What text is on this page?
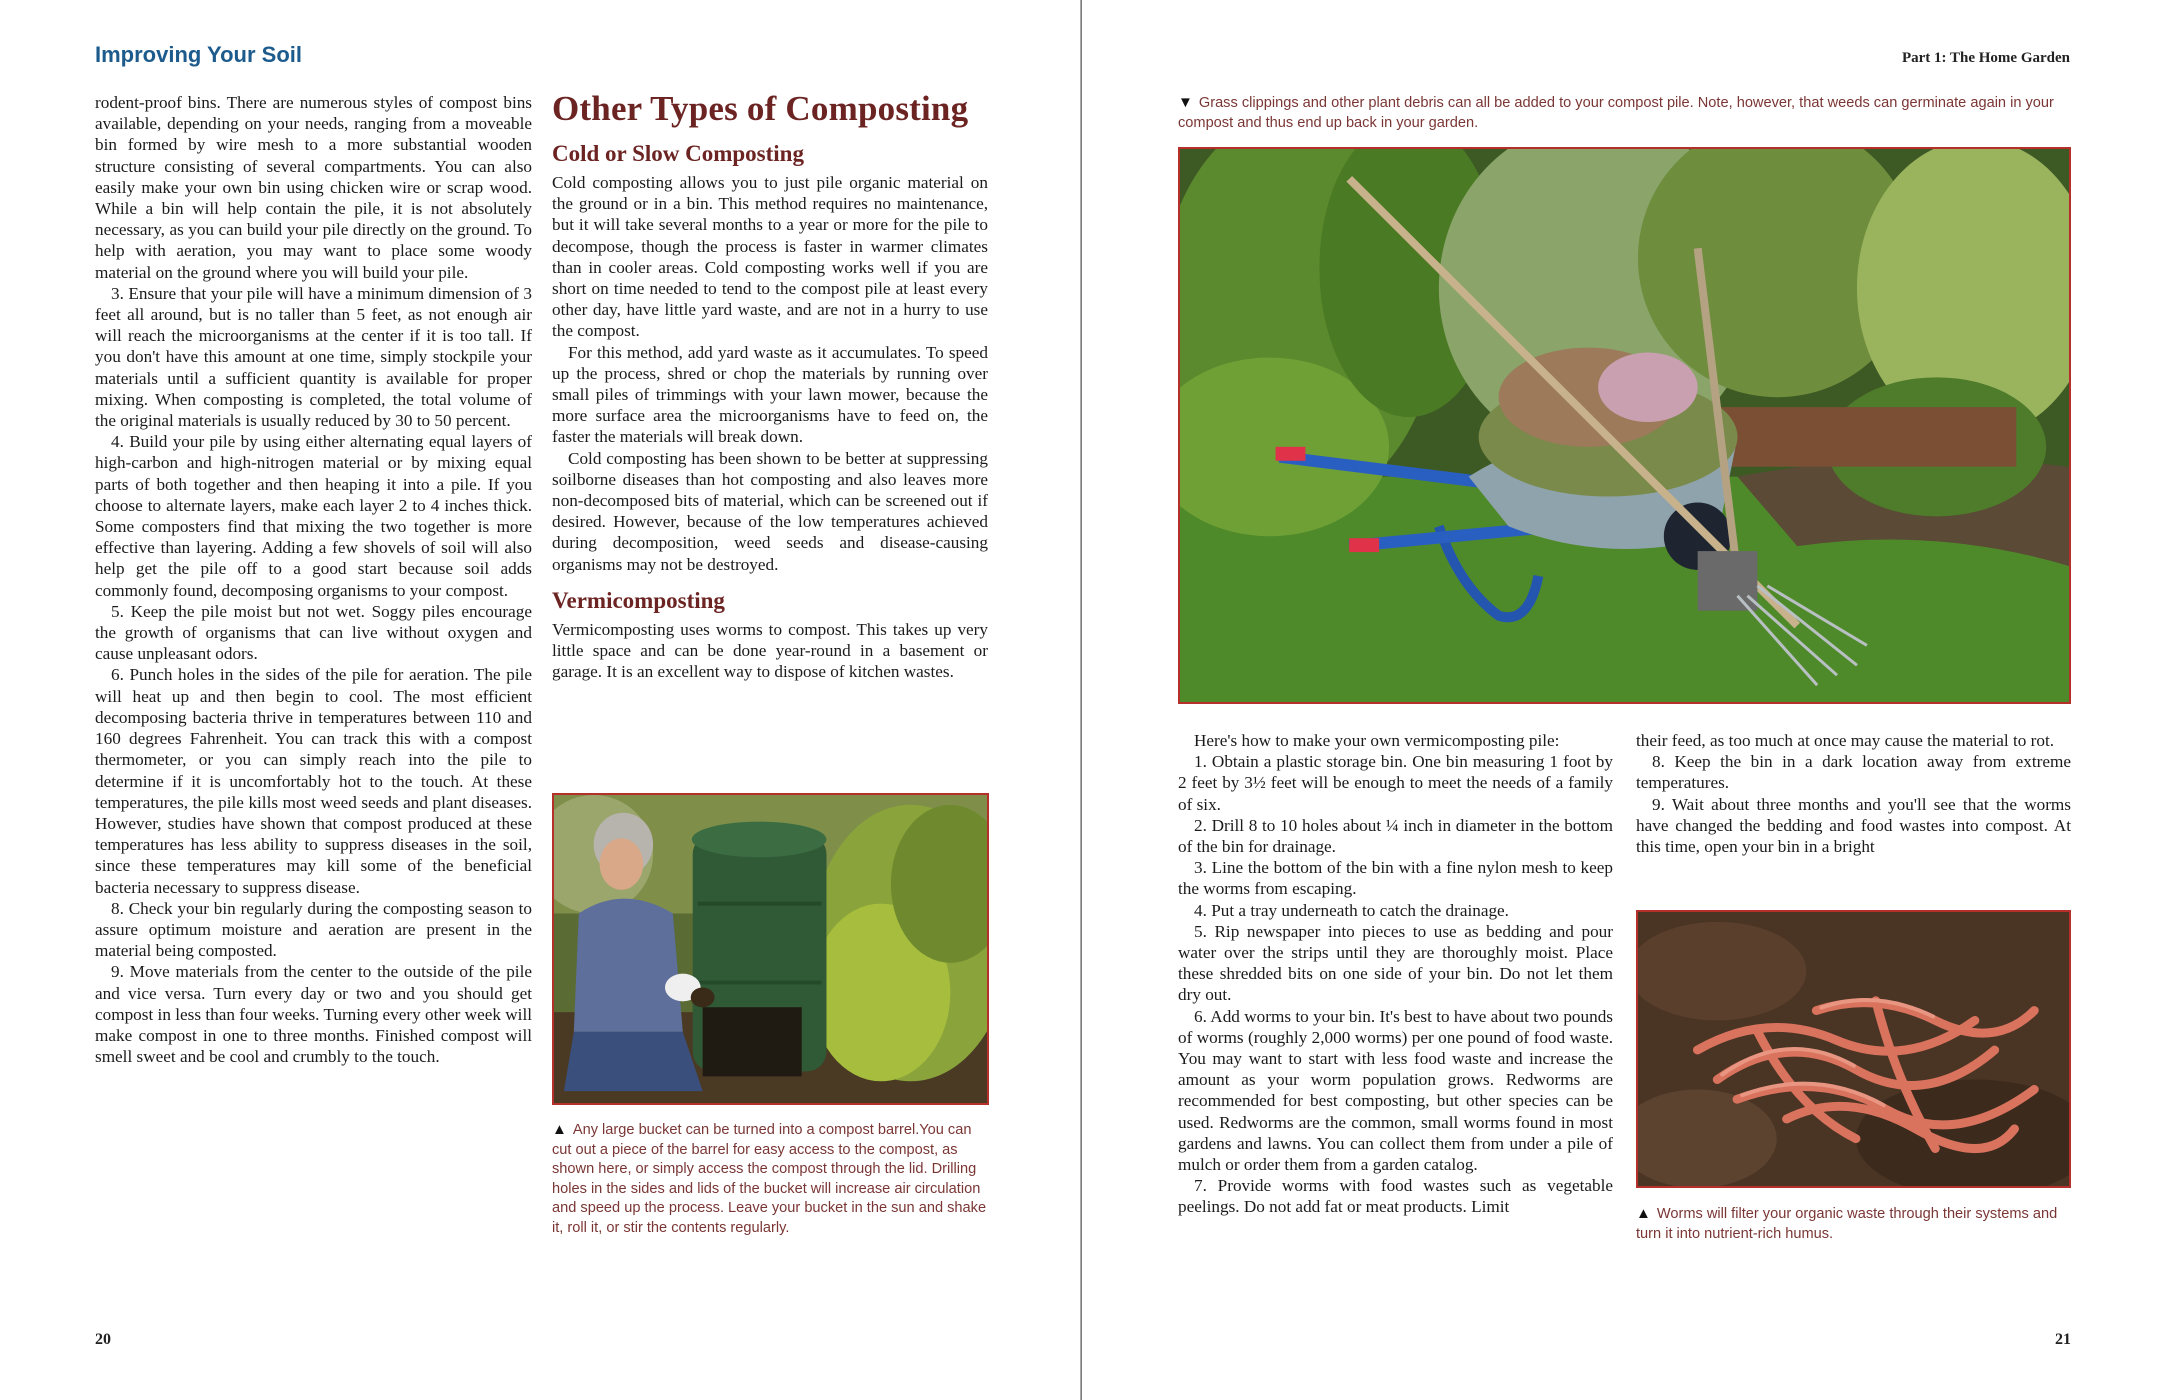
Improving Your Soil	Part 1: The Home Garden

rodent-proof bins. There are numerous styles of compost bins available, depending on your needs, ranging from a moveable bin formed by wire mesh to a more substantial wooden structure consisting of several compartments. You can also easily make your own bin using chicken wire or scrap wood. While a bin will help contain the pile, it is not absolutely necessary, as you can build your pile directly on the ground. To help with aeration, you may want to place some woody material on the ground where you will build your pile.

3. Ensure that your pile will have a minimum dimension of 3 feet all around, but is no taller than 5 feet, as not enough air will reach the microorganisms at the center if it is too tall. If you don't have this amount at one time, simply stockpile your materials until a sufficient quantity is available for proper mixing. When composting is completed, the total volume of the original materials is usually reduced by 30 to 50 percent.

4. Build your pile by using either alternating equal layers of high-carbon and high-nitrogen material or by mixing equal parts of both together and then heaping it into a pile. If you choose to alternate layers, make each layer 2 to 4 inches thick. Some composters find that mixing the two together is more effective than layering. Adding a few shovels of soil will also help get the pile off to a good start because soil adds commonly found, decomposing organisms to your compost.

5. Keep the pile moist but not wet. Soggy piles encourage the growth of organisms that can live without oxygen and cause unpleasant odors.

6. Punch holes in the sides of the pile for aeration. The pile will heat up and then begin to cool. The most efficient decomposing bacteria thrive in temperatures between 110 and 160 degrees Fahrenheit. You can track this with a compost thermometer, or you can simply reach into the pile to determine if it is uncomfortably hot to the touch. At these temperatures, the pile kills most weed seeds and plant diseases. However, studies have shown that compost produced at these temperatures has less ability to suppress diseases in the soil, since these temperatures may kill some of the beneficial bacteria necessary to suppress disease.

8. Check your bin regularly during the composting season to assure optimum moisture and aeration are present in the material being composted.

9. Move materials from the center to the outside of the pile and vice versa. Turn every day or two and you should get compost in less than four weeks. Turning every other week will make compost in one to three months. Finished compost will smell sweet and be cool and crumbly to the touch.

Other Types of Composting
Cold or Slow Composting

Cold composting allows you to just pile organic material on the ground or in a bin. This method requires no maintenance, but it will take several months to a year or more for the pile to decompose, though the process is faster in warmer climates than in cooler areas. Cold composting works well if you are short on time needed to tend to the compost pile at least every other day, have little yard waste, and are not in a hurry to use the compost.

For this method, add yard waste as it accumulates. To speed up the process, shred or chop the materials by running over small piles of trimmings with your lawn mower, because the more surface area the microorganisms have to feed on, the faster the materials will break down.

Cold composting has been shown to be better at suppressing soilborne diseases than hot composting and also leaves more non-decomposed bits of material, which can be screened out if desired. However, because of the low temperatures achieved during decomposition, weed seeds and disease-causing organisms may not be destroyed.

Vermicomposting

Vermicomposting uses worms to compost. This takes up very little space and can be done year-round in a basement or garage. It is an excellent way to dispose of kitchen wastes.

▲ Any large bucket can be turned into a compost barrel.You can cut out a piece of the barrel for easy access to the compost, as shown here, or simply access the compost through the lid. Drilling holes in the sides and lids of the bucket will increase air circulation and speed up the process. Leave your bucket in the sun and shake it, roll it, or stir the contents regularly.
▼ Grass clippings and other plant debris can all be added to your compost pile. Note, however, that weeds can germinate again in your compost and thus end up back in your garden.

Here's how to make your own vermicomposting pile:

1. Obtain a plastic storage bin. One bin measuring 1 foot by 2 feet by 3½ feet will be enough to meet the needs of a family of six.

2. Drill 8 to 10 holes about ¼ inch in diameter in the bottom of the bin for drainage.

3. Line the bottom of the bin with a fine nylon mesh to keep the worms from escaping.

4. Put a tray underneath to catch the drainage.

5. Rip newspaper into pieces to use as bedding and pour water over the strips until they are thoroughly moist. Place these shredded bits on one side of your bin. Do not let them dry out.

6. Add worms to your bin. It's best to have about two pounds of worms (roughly 2,000 worms) per one pound of food waste. You may want to start with less food waste and increase the amount as your worm population grows. Redworms are recommended for best composting, but other species can be used. Redworms are the common, small worms found in most gardens and lawns. You can collect them from under a pile of mulch or order them from a garden catalog.

7. Provide worms with food wastes such as vegetable peelings. Do not add fat or meat products. Limit

their feed, as too much at once may cause the material to rot.

8. Keep the bin in a dark location away from extreme temperatures.

9. Wait about three months and you'll see that the worms have changed the bedding and food wastes into compost. At this time, open your bin in a bright

▲ Worms will filter your organic waste through their systems and turn it into nutrient-rich humus.
20	21
